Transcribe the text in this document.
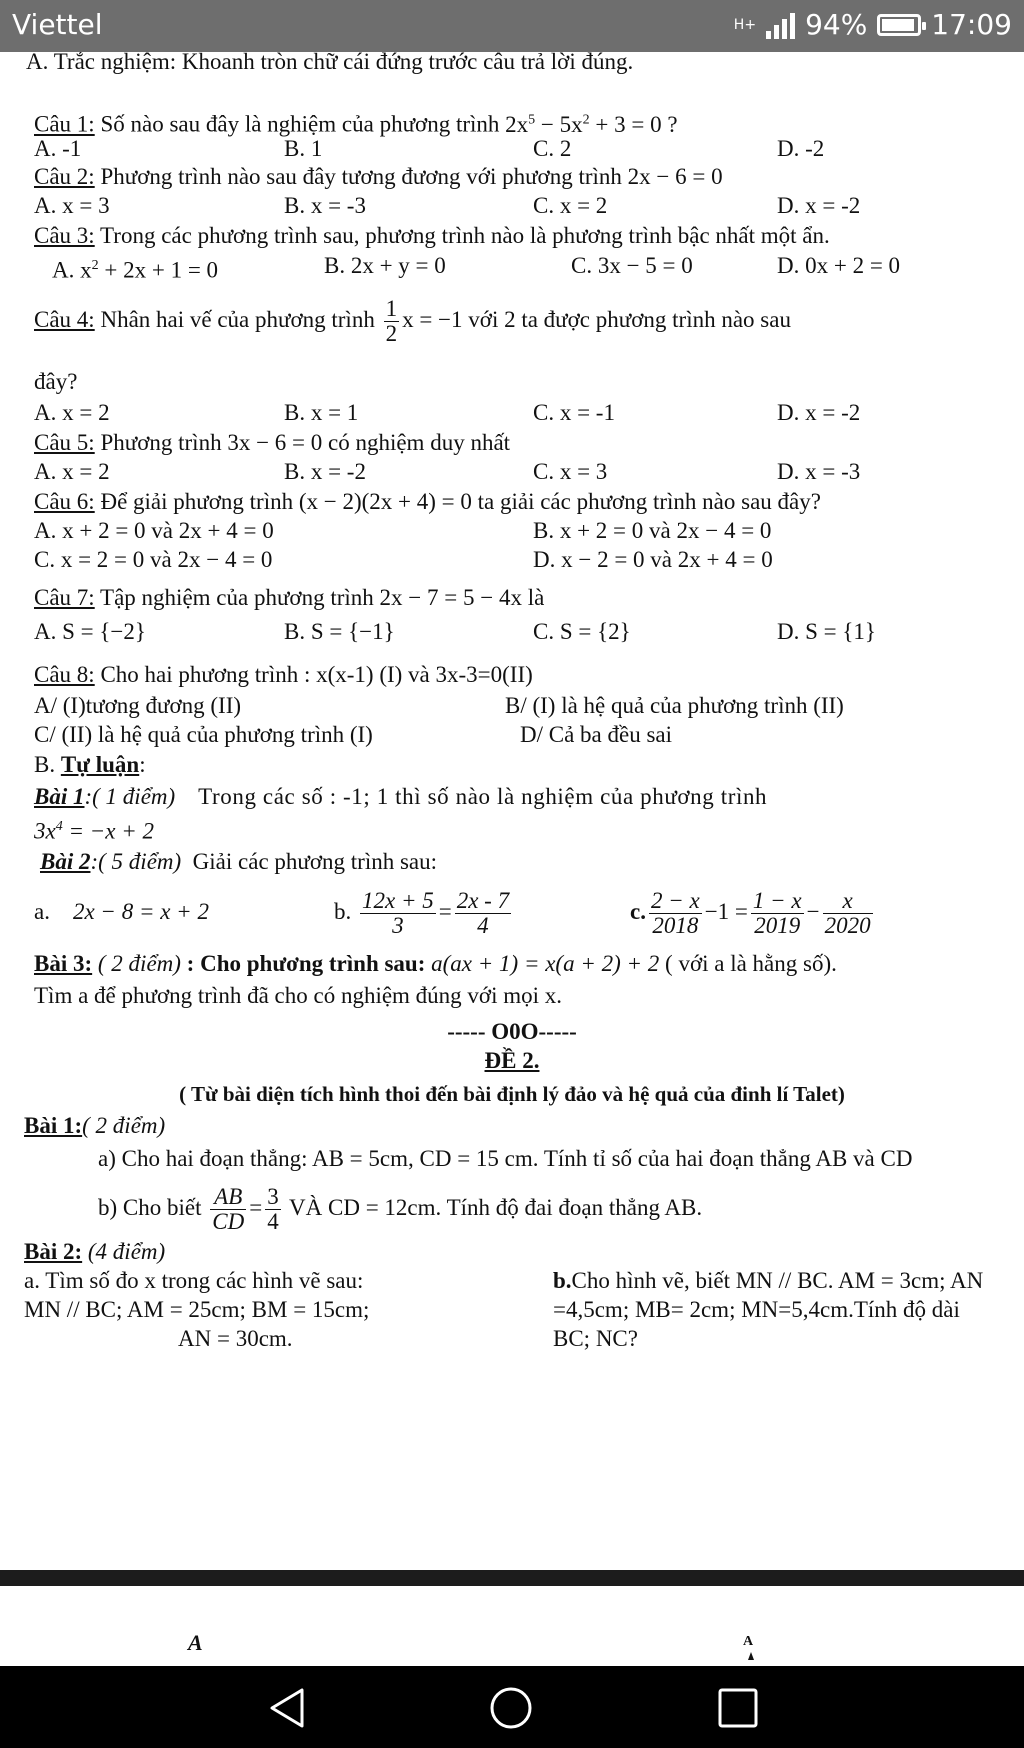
Viettel	H+ 94% 17:09
A. Trắc nghiệm: Khoanh tròn chữ cái đứng trước câu trả lời đúng.
Câu 1: Số nào sau đây là nghiệm của phương trình $2x^5 - 5x^2 + 3 = 0$ ?
A. -1	B. 1	C. 2	D. -2
Câu 2: Phương trình nào sau đây tương đương với phương trình 2x − 6 = 0
A. x = 3	B. x = -3	C. x = 2	D. x = -2
Câu 3: Trong các phương trình sau, phương trình nào là phương trình bậc nhất một ẩn.
A. $x^2 + 2x + 1 = 0$	B. 2x + y = 0	C. 3x − 5 = 0	D. 0x + 2 = 0
Câu 4: Nhân hai vế của phương trình $\frac{1}{2}$ x = −1 với 2 ta được phương trình nào sau
đây?
A. x = 2	B. x = 1	C. x = -1	D. x = -2
Câu 5: Phương trình 3x − 6 = 0 có nghiệm duy nhất
A. x = 2	B. x = -2	C. x = 3	D. x = -3
Câu 6: Để giải phương trình (x − 2)(2x + 4) = 0 ta giải các phương trình nào sau đây?
A. x + 2 = 0 và 2x + 4 = 0	B. x + 2 = 0 và 2x − 4 = 0
C. x = 2 = 0 và 2x − 4 = 0	D. x − 2 = 0 và 2x + 4 = 0
Câu 7: Tập nghiệm của phương trình 2x − 7 = 5 − 4x là
A. S = {−2}	B. S = {−1}	C. S = {2}	D. S = {1}
Câu 8: Cho hai phương trình : x(x-1) (I) và 3x-3=0(II)
A/ (I)tương đương (II)	B/ (I) là hệ quả của phương trình (II)
C/ (II) là hệ quả của phương trình (I)	D/ Cả ba đều sai
B. Tự luận:
Bài 1:( 1 điểm) Trong các số : -1; 1 thì số nào là nghiệm của phương trình
$3x^4 = -x + 2$
Bài 2:( 5 điểm) Giải các phương trình sau:
a. 2x − 8 = x + 2	b. $\frac{12x + 5}{3} = \frac{2x - 7}{4}$	c. $\frac{2 - x}{2018} -1 = \frac{1 - x}{2019} - \frac{x}{2020}$
Bài 3: ( 2 điểm) : Cho phương trình sau: a(ax + 1) = x(a + 2) + 2 ( với a là hằng số).
Tìm a để phương trình đã cho có nghiệm đúng với mọi x.
----- O0O-----
ĐỀ 2.
( Từ bài diện tích hình thoi đến bài định lý đảo và hệ quả của đinh lí Talet)
Bài 1:( 2 điểm)
a) Cho hai đoạn thẳng: AB = 5cm, CD = 15 cm. Tính tỉ số của hai đoạn thẳng AB và CD
b) Cho biết $\frac{AB}{CD} = \frac{3}{4}$ VÀ CD = 12cm. Tính độ đai đoạn thẳng AB.
Bài 2: (4 điểm)
a. Tìm số đo x trong các hình vẽ sau:
MN // BC; AM = 25cm; BM = 15cm;
AN = 30cm.
b.Cho hình vẽ, biết MN // BC. AM = 3cm; AN
=4,5cm; MB= 2cm; MN=5,4cm.Tính độ dài
BC; NC?
A	A
